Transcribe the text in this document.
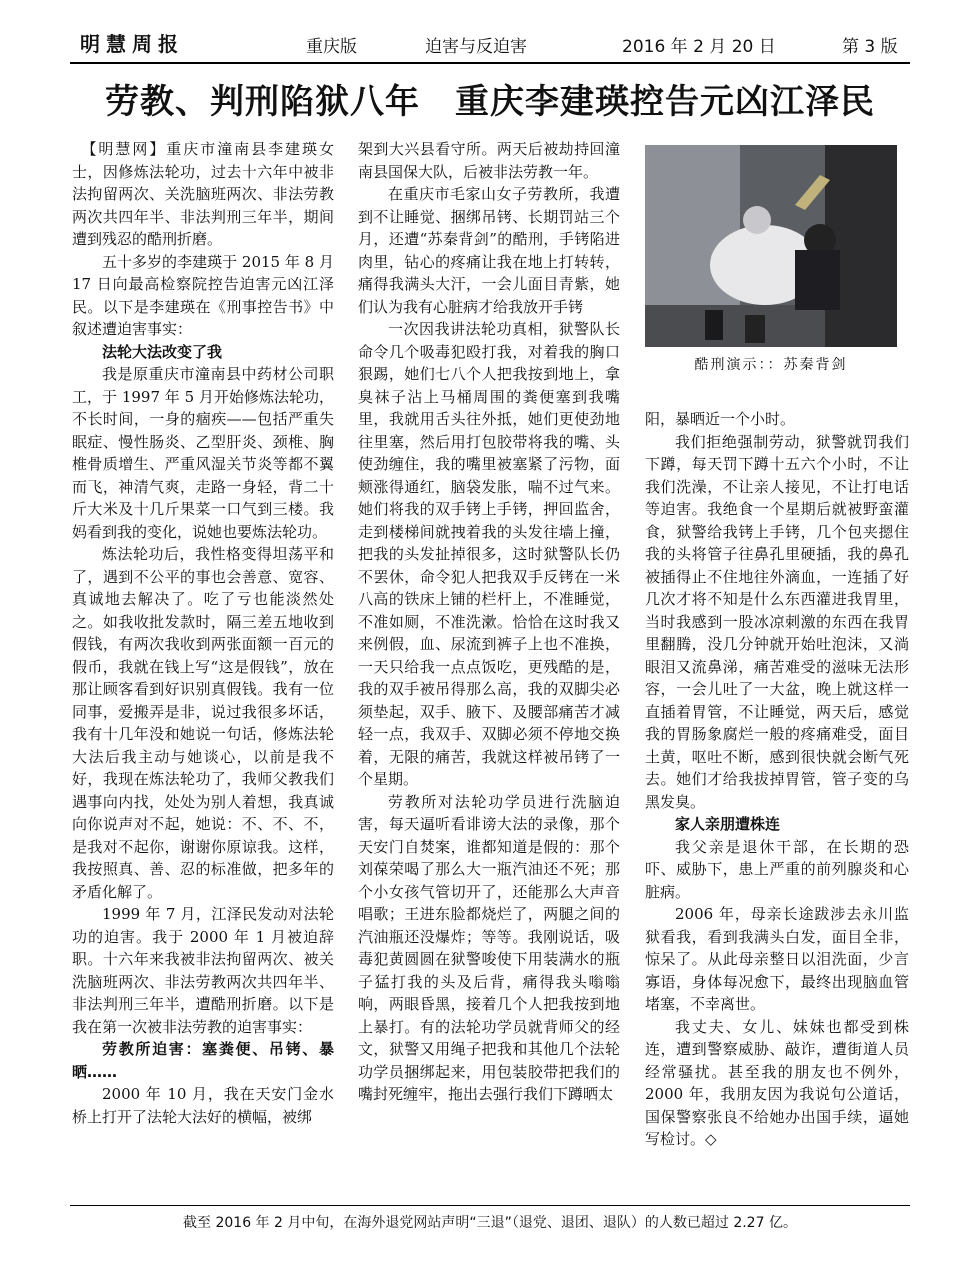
明慧周报	重庆版	迫害与反迫害	2016 年 2 月 20 日	第 3 版
劳教、判刑陷狱八年　重庆李建瑛控告元凶江泽民

　【明慧网】重庆市潼南县李建瑛女士，因修炼法轮功，过去十六年中被非法拘留两次、关洗脑班两次、非法劳教两次共四年半、非法判刑三年半，期间遭到残忍的酷刑折磨。

五十多岁的李建瑛于 2015 年 8 月 17 日向最高检察院控告迫害元凶江泽民。以下是李建瑛在《刑事控告书》中叙述遭迫害事实：

法轮大法改变了我

我是原重庆市潼南县中药材公司职工，于 1997 年 5 月开始修炼法轮功，不长时间，一身的痼疾——包括严重失眠症、慢性肠炎、乙型肝炎、颈椎、胸椎骨质增生、严重风湿关节炎等都不翼而飞，神清气爽，走路一身轻，背二十斤大米及十几斤果菜一口气到三楼。我妈看到我的变化，说她也要炼法轮功。

炼法轮功后，我性格变得坦荡平和了，遇到不公平的事也会善意、宽容、真诚地去解决了。吃了亏也能淡然处之。如我收批发款时，隔三差五地收到假钱，有两次我收到两张面额一百元的假币，我就在钱上写“这是假钱”，放在那让顾客看到好识别真假钱。我有一位同事，爱搬弄是非，说过我很多坏话，我有十几年没和她说一句话，修炼法轮大法后我主动与她谈心，以前是我不好，我现在炼法轮功了，我师父教我们遇事向内找，处处为别人着想，我真诚向你说声对不起，她说：不、不、不，是我对不起你，谢谢你原谅我。这样，我按照真、善、忍的标准做，把多年的矛盾化解了。

1999 年 7 月，江泽民发动对法轮功的迫害。我于 2000 年 1 月被迫辞职。十六年来我被非法拘留两次、被关洗脑班两次、非法劳教两次共四年半、非法判刑三年半，遭酷刑折磨。以下是我在第一次被非法劳教的迫害事实：

劳教所迫害：塞粪便、吊铐、暴晒……

2000 年 10 月，我在天安门金水桥上打开了法轮大法好的横幅，被绑

架到大兴县看守所。两天后被劫持回潼南县国保大队，后被非法劳教一年。

在重庆市毛家山女子劳教所，我遭到不让睡觉、捆绑吊铐、长期罚站三个月，还遭“苏秦背剑”的酷刑，手铐陷进肉里，钻心的疼痛让我在地上打转转，痛得我满头大汗，一会儿面目青紫，她们认为我有心脏病才给我放开手铐

一次因我讲法轮功真相，狱警队长命令几个吸毒犯殴打我，对着我的胸口狠踢，她们七八个人把我按到地上，拿臭袜子沾上马桶周围的粪便塞到我嘴里，我就用舌头往外抵，她们更使劲地往里塞，然后用打包胶带将我的嘴、头使劲缠住，我的嘴里被塞紧了污物，面颊涨得通红，脑袋发胀，喘不过气来。她们将我的双手铐上手铐，押回监舍，走到楼梯间就拽着我的头发往墙上撞，把我的头发扯掉很多，这时狱警队长仍不罢休，命令犯人把我双手反铐在一米八高的铁床上铺的栏杆上，不准睡觉，不准如厕，不准洗漱。恰恰在这时我又来例假，血、尿流到裤子上也不准换，一天只给我一点点饭吃，更残酷的是，我的双手被吊得那么高，我的双脚尖必须垫起，双手、腋下、及腰部痛苦才减轻一点，我双手、双脚必须不停地交换着，无限的痛苦，我就这样被吊铐了一个星期。

劳教所对法轮功学员进行洗脑迫害，每天逼听看诽谤大法的录像，那个天安门自焚案，谁都知道是假的：那个刘葆荣喝了那么大一瓶汽油还不死；那个小女孩气管切开了，还能那么大声音唱歌；王进东脸都烧烂了，两腿之间的汽油瓶还没爆炸；等等。我刚说话，吸毒犯黄圆圆在狱警唆使下用装满水的瓶子猛打我的头及后背，痛得我头嗡嗡响，两眼昏黑，接着几个人把我按到地上暴打。有的法轮功学员就背师父的经文，狱警又用绳子把我和其他几个法轮功学员捆绑起来，用包装胶带把我们的嘴封死缠牢，拖出去强行我们下蹲晒太

酷刑演示：：苏秦背剑

阳，暴晒近一个小时。

我们拒绝强制劳动，狱警就罚我们下蹲，每天罚下蹲十五六个小时，不让我们洗澡，不让亲人接见，不让打电话等迫害。我绝食一个星期后就被野蛮灌食，狱警给我铐上手铐，几个包夹摁住我的头将管子往鼻孔里硬插，我的鼻孔被插得止不住地往外滴血，一连插了好几次才将不知是什么东西灌进我胃里，当时我感到一股冰凉刺激的东西在我胃里翻腾，没几分钟就开始吐泡沫，又淌眼泪又流鼻涕，痛苦难受的滋味无法形容，一会儿吐了一大盆，晚上就这样一直插着胃管，不让睡觉，两天后，感觉我的胃肠象腐烂一般的疼痛难受，面目土黄，呕吐不断，感到很快就会断气死去。她们才给我拔掉胃管，管子变的乌黑发臭。

家人亲朋遭株连

我父亲是退休干部，在长期的恐吓、威胁下，患上严重的前列腺炎和心脏病。

2006 年，母亲长途跋涉去永川监狱看我，看到我满头白发，面目全非，惊呆了。从此母亲整日以泪洗面，少言寡语，身体每况愈下，最终出现脑血管堵塞，不幸离世。

我丈夫、女儿、妹妹也都受到株连，遭到警察威胁、敲诈，遭街道人员经常骚扰。甚至我的朋友也不例外，2000 年，我朋友因为我说句公道话，国保警察张良不给她办出国手续，逼她写检讨。◇

截至 2016 年 2 月中旬，在海外退党网站声明“三退”（退党、退团、退队）的人数已超过 2.27 亿。
